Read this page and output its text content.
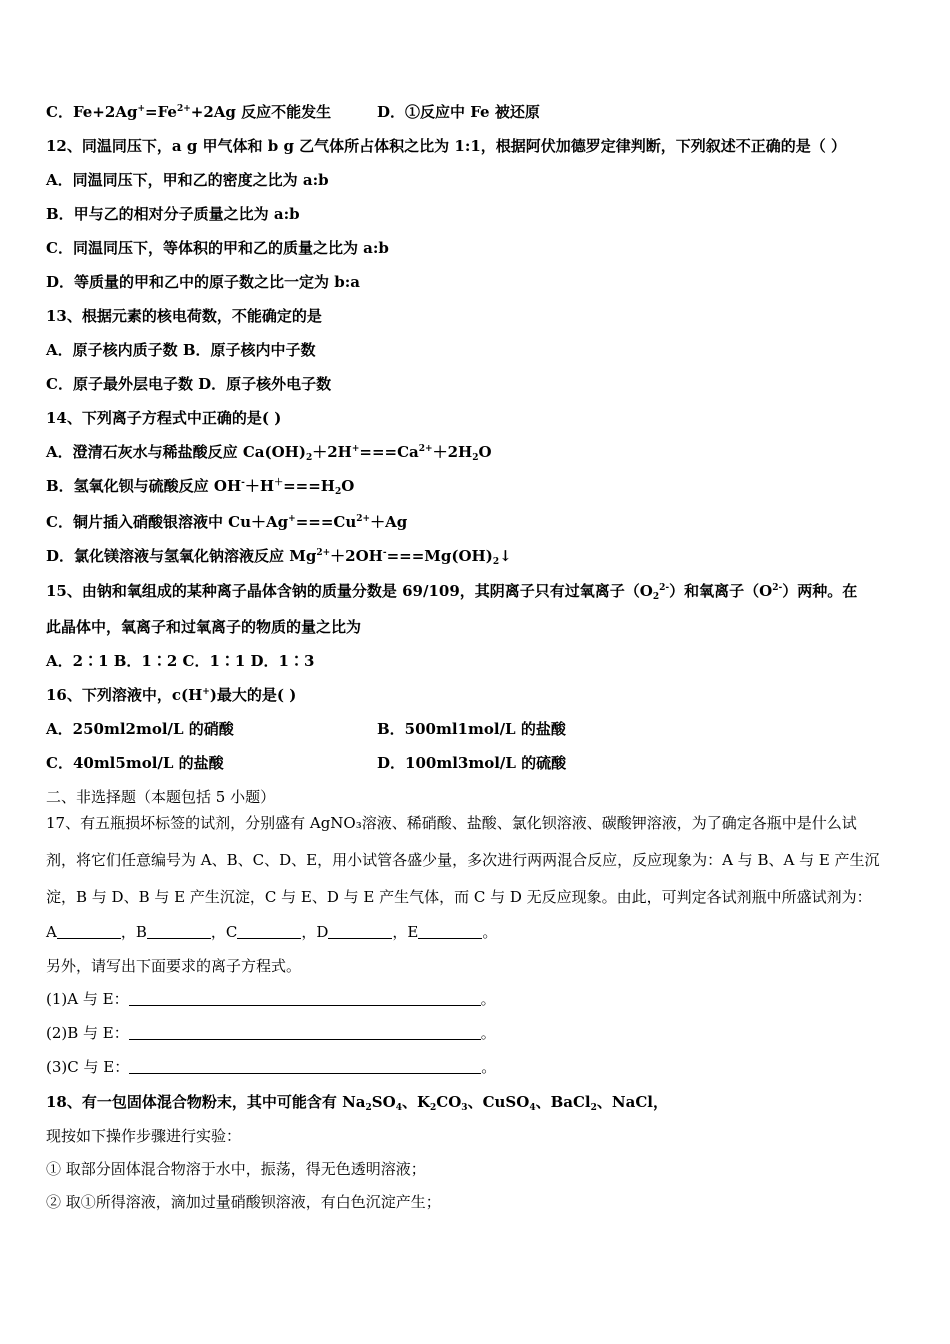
C．$Fe+2Ag^+=Fe^{2+}+2Ag$ 反应不能发生	D．①反应中 Fe 被还原
12、同温同压下，a g 甲气体和 b g 乙气体所占体积之比为 1:1，根据阿伏加德罗定律判断，下列叙述不正确的是（ ）
A．同温同压下，甲和乙的密度之比为 a:b
B．甲与乙的相对分子质量之比为 a:b
C．同温同压下，等体积的甲和乙的质量之比为 a:b
D．等质量的甲和乙中的原子数之比一定为 b:a
13、根据元素的核电荷数，不能确定的是
A．原子核内质子数 B．原子核内中子数
C．原子最外层电子数 D．原子核外电子数
14、下列离子方程式中正确的是( )
A．澄清石灰水与稀盐酸反应 $Ca(OH)_2+2H^+===Ca^{2+}+2H_2O$
B．氢氧化钡与硫酸反应 $OH^-+H^+===H_2O$
C．铜片插入硝酸银溶液中 $Cu+Ag^+===Cu^{2+}+Ag$
D．氯化镁溶液与氢氧化钠溶液反应 $Mg^{2+}+2OH^-===Mg(OH)_2↓$
15、由钠和氧组成的某种离子晶体含钠的质量分数是 69/109，其阴离子只有过氧离子$(O_2^{2-})$和氧离子$(O^{2-})$两种。在
此晶体中，氧离子和过氧离子的物质的量之比为
A．2∶1 B．1∶2 C．1∶1 D．1∶3
16、下列溶液中，c(H+)最大的是( )
A．250ml2mol/L 的硝酸	B．500ml1mol/L 的盐酸
C．40ml5mol/L 的盐酸	D．100ml3mol/L 的硫酸
二、非选择题（本题包括 5 小题）
17、有五瓶损坏标签的试剂，分别盛有 AgNO₃溶液、稀硝酸、盐酸、氯化钡溶液、碳酸钾溶液，为了确定各瓶中是什么试
剂，将它们任意编号为 A、B、C、D、E，用小试管各盛少量，多次进行两两混合反应，反应现象为：A 与 B、A 与 E 产生沉
淀，B 与 D、B 与 E 产生沉淀，C 与 E、D 与 E 产生气体，而 C 与 D 无反应现象。由此，可判定各试剂瓶中所盛试剂为：
A	，B	，C	，D	，E	。
另外，请写出下面要求的离子方程式。
(1)A 与 E：	。
(2)B 与 E：	。
(3)C 与 E：	。
18、有一包固体混合物粉末，其中可能含有 $Na_2SO_4$、$K_2CO_3$、CuSO$_4$、BaCl$_2$、NaCl，
现按如下操作步骤进行实验：
① 取部分固体混合物溶于水中，振荡，得无色透明溶液；
② 取①所得溶液，滴加过量硝酸钡溶液，有白色沉淀产生；
